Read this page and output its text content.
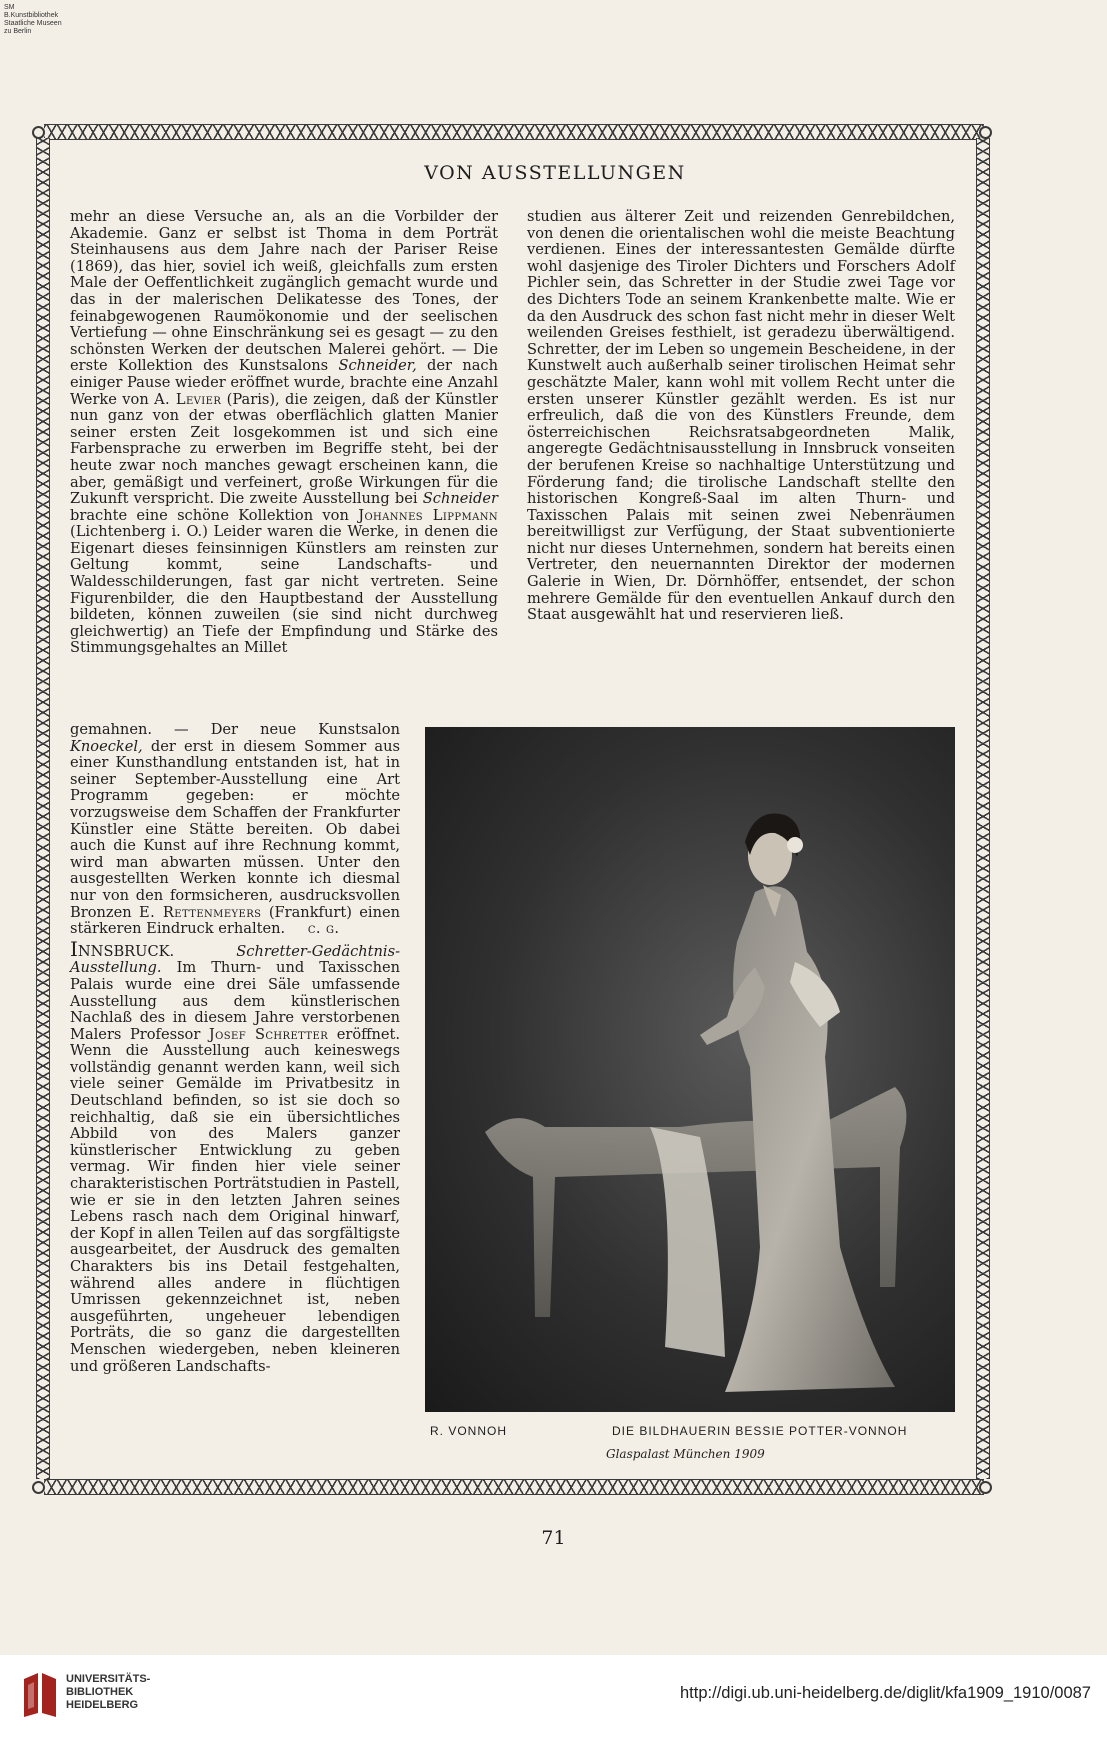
SM
B.Kunstbibliothek
Staatliche Museen
zu Berlin
VON AUSSTELLUNGEN

mehr an diese Versuche an, als an die Vorbilder der Akademie. Ganz er selbst ist Thoma in dem Porträt Steinhausens aus dem Jahre nach der Pariser Reise (1869), das hier, soviel ich weiß, gleichfalls zum ersten Male der Oeffentlichkeit zugänglich gemacht wurde und das in der malerischen Delikatesse des Tones, der feinabgewogenen Raumökonomie und der seelischen Vertiefung — ohne Einschränkung sei es gesagt — zu den schönsten Werken der deutschen Malerei gehört. — Die erste Kollektion des Kunstsalons Schneider, der nach einiger Pause wieder eröffnet wurde, brachte eine Anzahl Werke von A. Levier (Paris), die zeigen, daß der Künstler nun ganz von der etwas oberflächlich glatten Manier seiner ersten Zeit losgekommen ist und sich eine Farbensprache zu erwerben im Begriffe steht, bei der heute zwar noch manches gewagt erscheinen kann, die aber, gemäßigt und verfeinert, große Wirkungen für die Zukunft verspricht. Die zweite Ausstellung bei Schneider brachte eine schöne Kollektion von Johannes Lippmann (Lichtenberg i. O.) Leider waren die Werke, in denen die Eigenart dieses feinsinnigen Künstlers am reinsten zur Geltung kommt, seine Landschafts- und Waldesschilderungen, fast gar nicht vertreten. Seine Figurenbilder, die den Hauptbestand der Ausstellung bildeten, können zuweilen (sie sind nicht durchweg gleichwertig) an Tiefe der Empfindung und Stärke des Stimmungsgehaltes an Millet

gemahnen. — Der neue Kunstsalon Knoeckel, der erst in diesem Sommer aus einer Kunsthandlung entstanden ist, hat in seiner September-Ausstellung eine Art Programm gegeben: er möchte vorzugsweise dem Schaffen der Frankfurter Künstler eine Stätte bereiten. Ob dabei auch die Kunst auf ihre Rechnung kommt, wird man abwarten müssen. Unter den ausgestellten Werken konnte ich diesmal nur von den formsicheren, ausdrucksvollen Bronzen E. Rettenmeyers (Frankfurt) einen stärkeren Eindruck erhalten. c. g.

INNSBRUCK.	Schretter-Gedächtnis-Ausstellung. Im Thurn- und Taxisschen Palais wurde eine drei Säle umfassende Ausstellung aus dem künstlerischen Nachlaß des in diesem Jahre verstorbenen Malers Professor Josef Schretter eröffnet. Wenn die Ausstellung auch keineswegs vollständig genannt werden kann, weil sich viele seiner Gemälde im Privatbesitz in Deutschland befinden, so ist sie doch so reichhaltig, daß sie ein übersichtliches Abbild von des Malers ganzer künstlerischer Entwicklung zu geben vermag. Wir finden hier viele seiner charakteristischen Porträtstudien in Pastell, wie er sie in den letzten Jahren seines Lebens rasch nach dem Original hinwarf, der Kopf in allen Teilen auf das sorgfältigste ausgearbeitet, der Ausdruck des gemalten Charakters bis ins Detail festgehalten, während alles andere in flüchtigen Umrissen gekennzeichnet ist, neben ausgeführten, ungeheuer lebendigen Porträts, die so ganz die dargestellten Menschen wiedergeben, neben kleineren und größeren Landschafts-

studien aus älterer Zeit und reizenden Genrebildchen, von denen die orientalischen wohl die meiste Beachtung verdienen. Eines der interessantesten Gemälde dürfte wohl dasjenige des Tiroler Dichters und Forschers Adolf Pichler sein, das Schretter in der Studie zwei Tage vor des Dichters Tode an seinem Krankenbette malte. Wie er da den Ausdruck des schon fast nicht mehr in dieser Welt weilenden Greises festhielt, ist geradezu überwältigend. Schretter, der im Leben so ungemein Bescheidene, in der Kunstwelt auch außerhalb seiner tirolischen Heimat sehr geschätzte Maler, kann wohl mit vollem Recht unter die ersten unserer Künstler gezählt werden. Es ist nur erfreulich, daß die von des Künstlers Freunde, dem österreichischen Reichsratsabgeordneten Malik, angeregte Gedächtnisausstellung in Innsbruck vonseiten der berufenen Kreise so nachhaltige Unterstützung und Förderung fand; die tirolische Landschaft stellte den historischen Kongreß-Saal im alten Thurn- und Taxisschen Palais mit seinen zwei Nebenräumen bereitwilligst zur Verfügung, der Staat subventionierte nicht nur dieses Unternehmen, sondern hat bereits einen Vertreter, den neuernannten Direktor der modernen Galerie in Wien, Dr. Dörnhöffer, entsendet, der schon mehrere Gemälde für den eventuellen Ankauf durch den Staat ausgewählt hat und reservieren ließ.

R. VONNOH	DIE BILDHAUERIN BESSIE POTTER-VONNOH
Glaspalast München 1909
71
UNIVERSITÄTS-
BIBLIOTHEK
HEIDELBERG
http://digi.ub.uni-heidelberg.de/diglit/kfa1909_1910/0087
